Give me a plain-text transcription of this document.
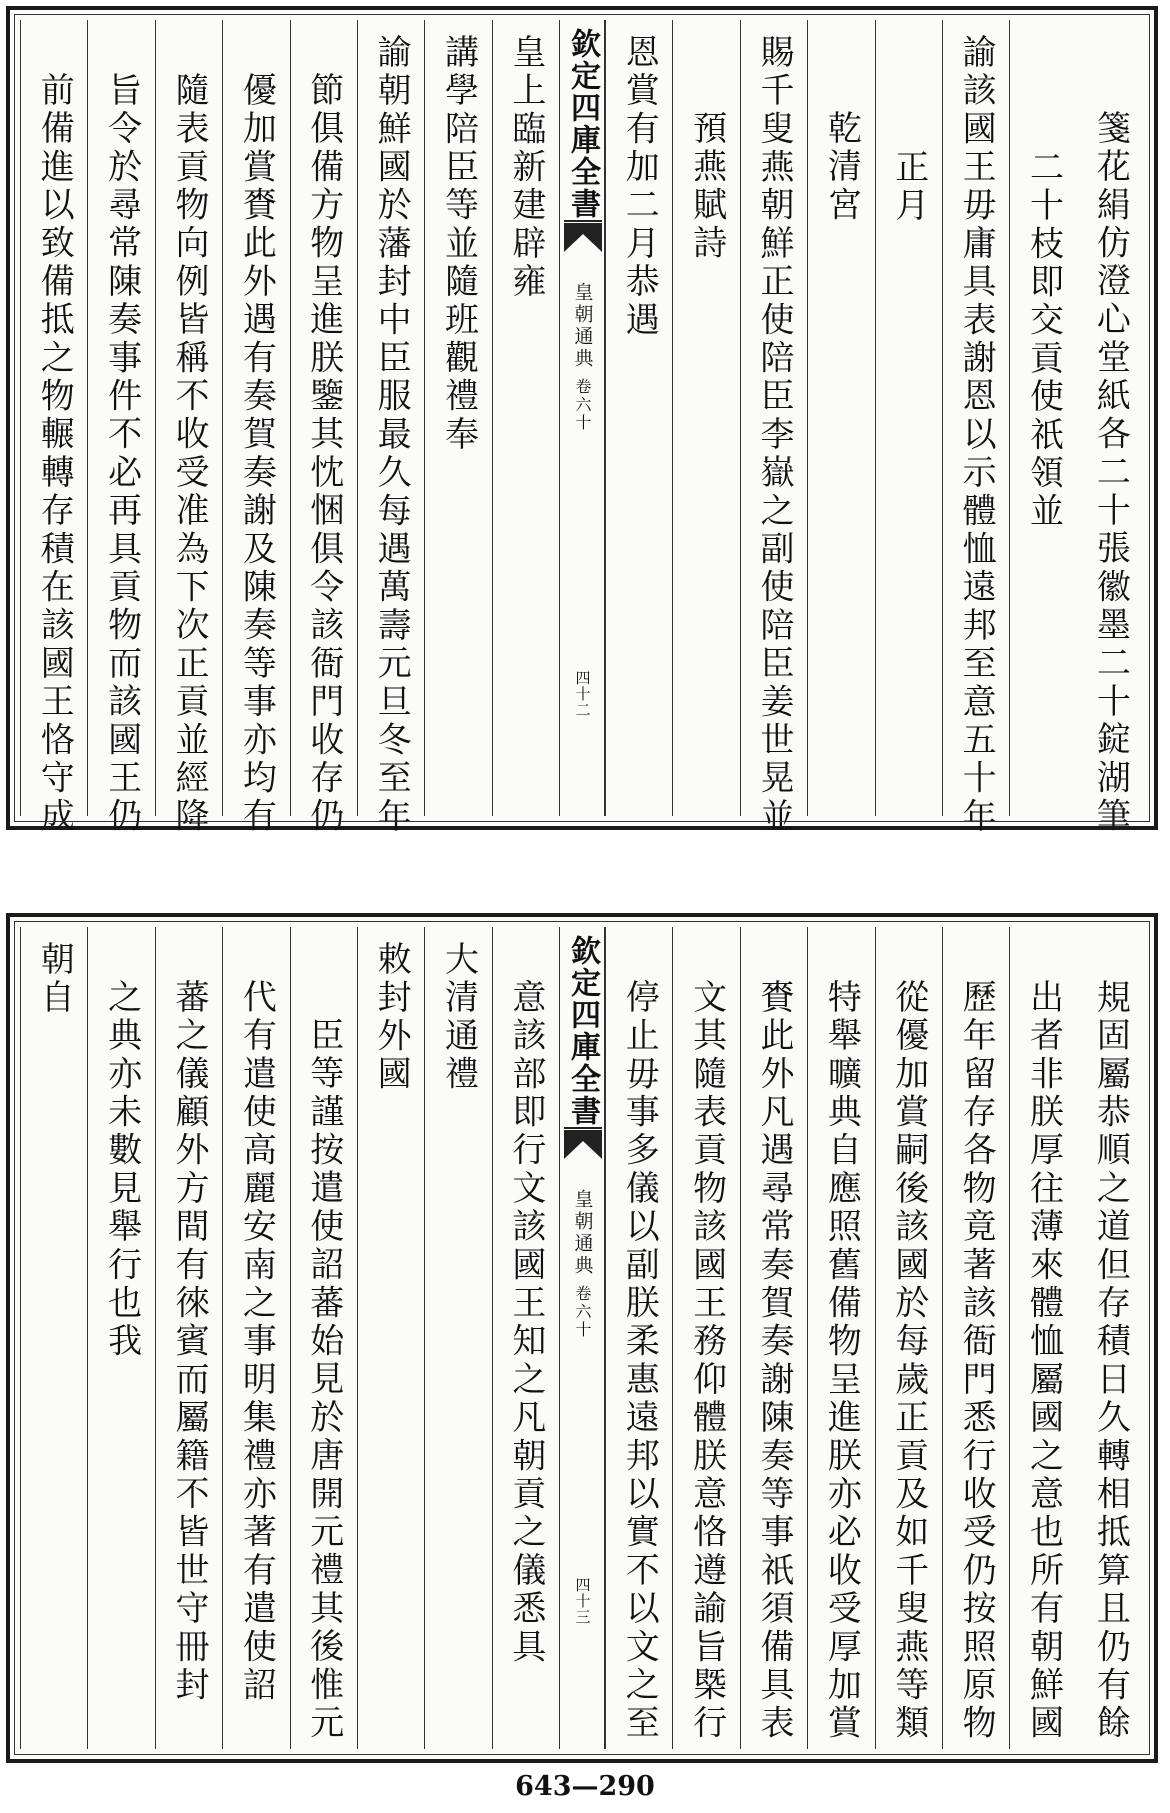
箋花絹仿澄心堂紙各二十張徽墨二十錠湖筆
二十枝即交貢使祇領並
諭該國王毋庸具表謝恩以示體恤遠邦至意五十年
正月
乾清宮
賜千叟燕朝鮮正使陪臣李嶽之副使陪臣姜世晃並
預燕賦詩
恩賞有加二月恭遇
皇上臨新建辟雍
講學陪臣等並隨班觀禮奉
諭朝鮮國於藩封中臣服最久每遇萬壽元旦冬至年
節俱備方物呈進朕鑒其忱悃俱令該衙門收存仍
優加賞賚此外遇有奏賀奏謝及陳奏等事亦均有
隨表貢物向例皆稱不收受准為下次正貢並經降
旨令於尋常陳奏事件不必再具貢物而該國王仍
前備進以致備抵之物輾轉存積在該國王恪守成	欽定四庫全書
皇朝通典
卷六十
四十二
規固屬恭順之道但存積日久轉相抵算且仍有餘
出者非朕厚往薄來體恤屬國之意也所有朝鮮國
歷年留存各物竟著該衙門悉行收受仍按照原物
從優加賞嗣後該國於每歲正貢及如千叟燕等類
特舉曠典自應照舊備物呈進朕亦必收受厚加賞
賚此外凡遇尋常奏賀奏謝陳奏等事祇須備具表
文其隨表貢物該國王務仰體朕意恪遵諭旨槩行
停止毋事多儀以副朕柔惠遠邦以實不以文之至
意該部即行文該國王知之凡朝貢之儀悉具
大清通禮
敕封外國
臣等謹按遣使詔蕃始見於唐開元禮其後惟元
代有遣使高麗安南之事明集禮亦著有遣使詔
蕃之儀顧外方間有徠賓而屬籍不皆世守冊封
之典亦未數見舉行也我
朝自	欽定四庫全書
皇朝通典
卷六十
四十三
643—290
